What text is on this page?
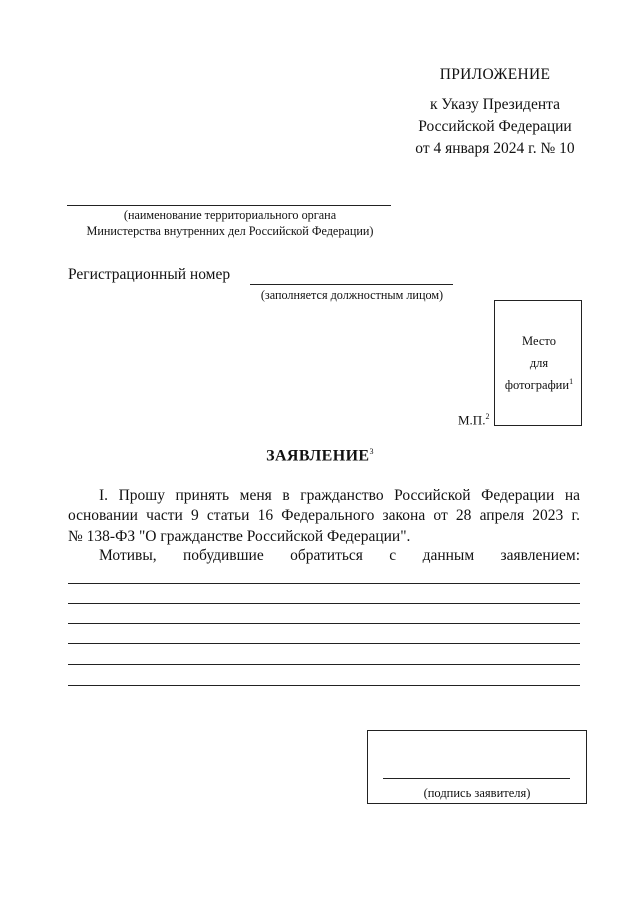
ПРИЛОЖЕНИЕ
к Указу Президента
Российской Федерации
от 4 января 2024 г. № 10
(наименование территориального органа
Министерства внутренних дел Российской Федерации)
Регистрационный номер
(заполняется должностным лицом)
Место
для
фотографии$^1$
М.П.$^2$
ЗАЯВЛЕНИЕ$^3$
I. Прошу принять меня в гражданство Российской Федерации на
основании части 9 статьи 16 Федерального закона от 28 апреля 2023 г.
№ 138-ФЗ "О гражданстве Российской Федерации".
Мотивы, побудившие обратиться с данным заявлением:
(подпись заявителя)
